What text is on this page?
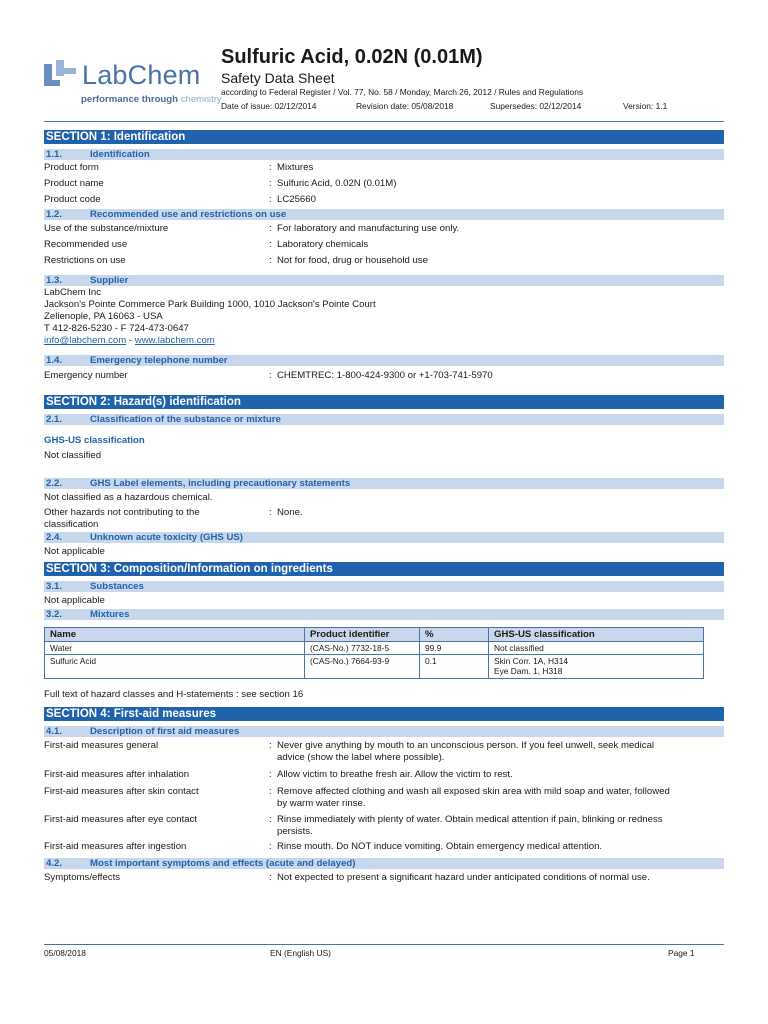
LabChem
performance through chemistry
Sulfuric Acid, 0.02N (0.01M)
Safety Data Sheet
according to Federal Register / Vol. 77, No. 58 / Monday, March 26, 2012 / Rules and Regulations
Date of issue: 02/12/2014	Revision date: 05/08/2018	Supersedes: 02/12/2014	Version: 1.1
SECTION 1: Identification
1.1.	Identification
Product form	: Mixtures
Product name	: Sulfuric Acid, 0.02N (0.01M)
Product code	: LC25660
1.2.	Recommended use and restrictions on use
Use of the substance/mixture	: For laboratory and manufacturing use only.
Recommended use	: Laboratory chemicals
Restrictions on use	: Not for food, drug or household use
1.3.	Supplier
LabChem Inc
Jackson's Pointe Commerce Park Building 1000, 1010 Jackson's Pointe Court
Zelienople, PA 16063 - USA
T 412-826-5230 - F 724-473-0647
info@labchem.com - www.labchem.com
1.4.	Emergency telephone number
Emergency number	: CHEMTREC: 1-800-424-9300 or +1-703-741-5970
SECTION 2: Hazard(s) identification
2.1.	Classification of the substance or mixture
GHS-US classification
Not classified
2.2.	GHS Label elements, including precautionary statements
Not classified as a hazardous chemical.
Other hazards not contributing to the
classification
: None.
2.4.	Unknown acute toxicity (GHS US)
Not applicable
SECTION 3: Composition/Information on ingredients
3.1.	Substances
Not applicable
3.2.	Mixtures
Name	Product identifier	%	GHS-US classification
Water	(CAS-No.) 7732-18-5	99.9	Not classified
Sulfuric Acid	(CAS-No.) 7664-93-9	0.1	Skin Corr. 1A, H314
Eye Dam. 1, H318
Full text of hazard classes and H-statements : see section 16
SECTION 4: First-aid measures
4.1.	Description of first aid measures
First-aid measures general	: Never give anything by mouth to an unconscious person. If you feel unwell, seek medical
advice (show the label where possible).
First-aid measures after inhalation	: Allow victim to breathe fresh air. Allow the victim to rest.
First-aid measures after skin contact	: Remove affected clothing and wash all exposed skin area with mild soap and water, followed
by warm water rinse.
First-aid measures after eye contact	: Rinse immediately with plenty of water. Obtain medical attention if pain, blinking or redness
persists.
First-aid measures after ingestion	: Rinse mouth. Do NOT induce vomiting. Obtain emergency medical attention.
4.2.	Most important symptoms and effects (acute and delayed)
Symptoms/effects	: Not expected to present a significant hazard under anticipated conditions of normal use.
05/08/2018	EN (English US)	Page 1
